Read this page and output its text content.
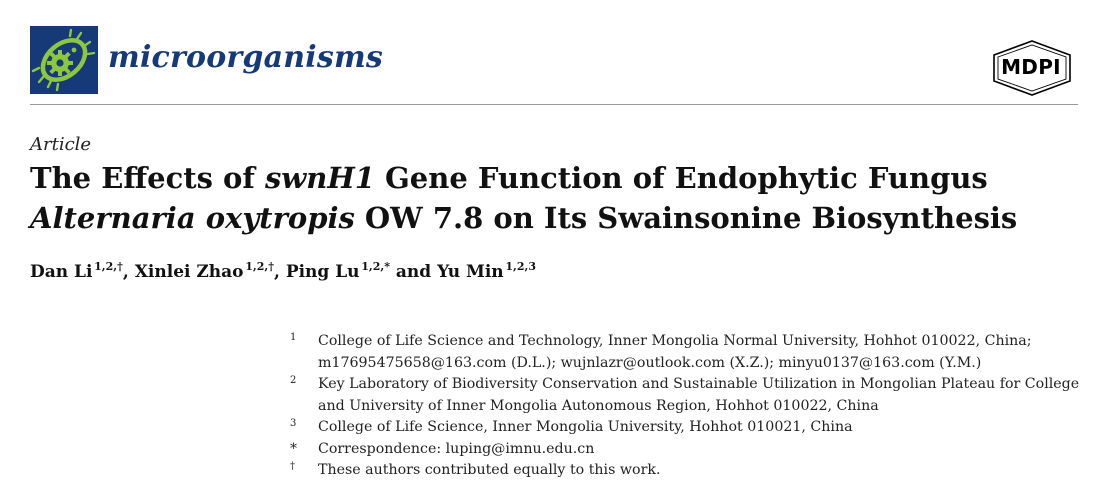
microorganisms	MDPI
Article
The Effects of swnH1 Gene Function of Endophytic Fungus
Alternaria oxytropis OW 7.8 on Its Swainsonine Biosynthesis
Dan Li  $^{1,2,\dagger}$, Xinlei Zhao  $^{1,2,\dagger}$, Ping Lu  $^{1,2,*}$ and Yu Min  $^{1,2,3}$
1 College of Life Science and Technology, Inner Mongolia Normal University, Hohhot 010022, China;
m17695475658@163.com (D.L.); wujnlazr@outlook.com (X.Z.); minyu0137@163.com (Y.M.)
2 Key Laboratory of Biodiversity Conservation and Sustainable Utilization in Mongolian Plateau for College
and University of Inner Mongolia Autonomous Region, Hohhot 010022, China
3 College of Life Science, Inner Mongolia University, Hohhot 010021, China
* Correspondence: luping@imnu.edu.cn
† These authors contributed equally to this work.
